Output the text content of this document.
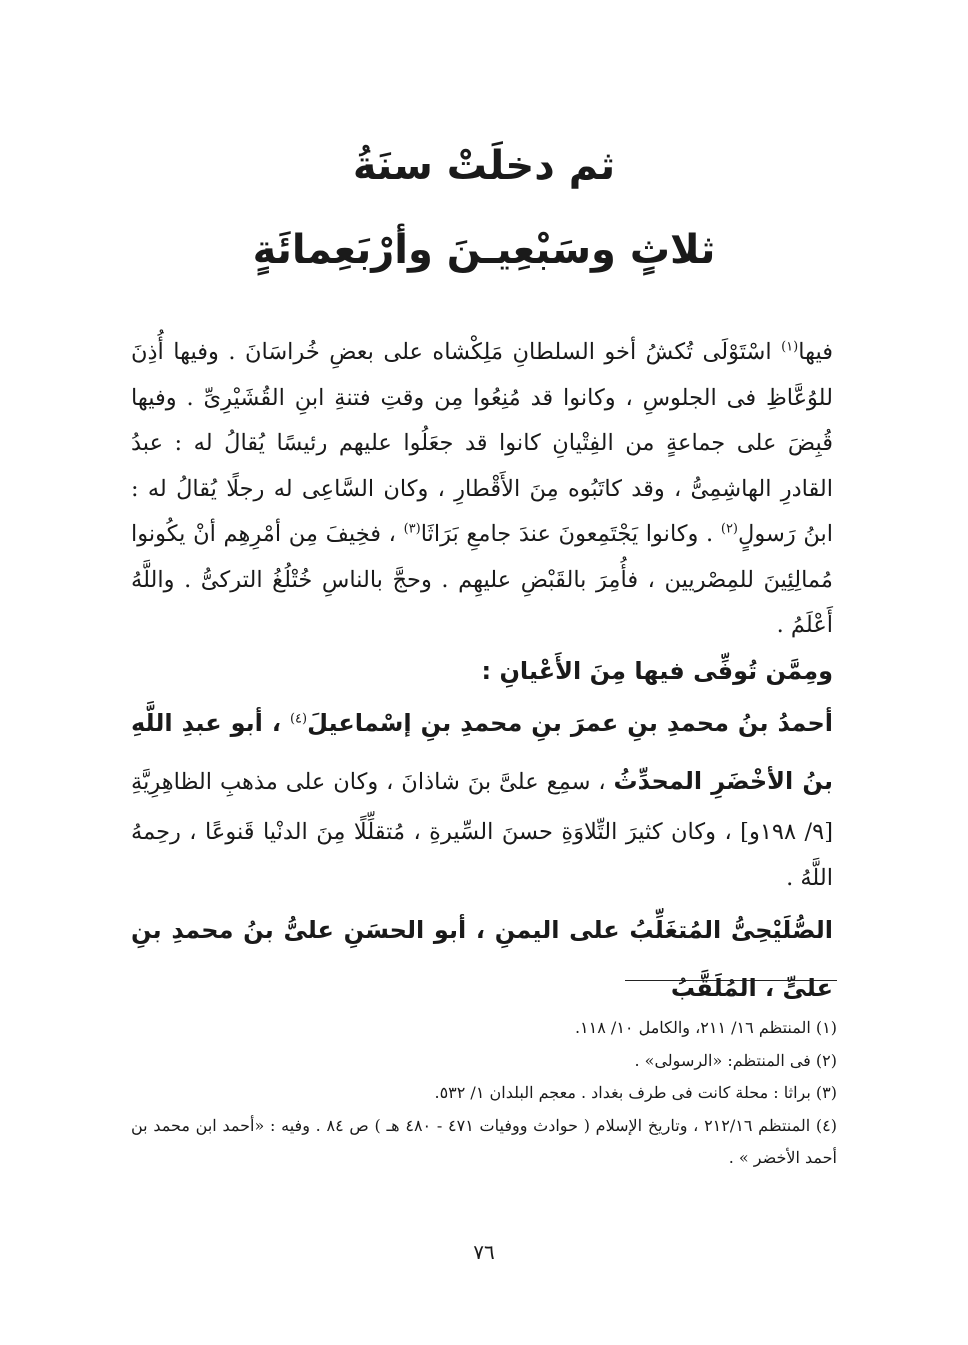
ثم دخلَتْ سنَةُ
ثلاثٍ وسَبْعِيـنَ وأرْبَعِمائَةٍ

فيها$^{(١)}$ اسْتَوْلَى تُكشُ أخو السلطانِ مَلِكْشاه على بعضِ خُراسَانَ . وفيها أُذِنَ للوُعَّاظِ فى الجلوسِ ، وكانوا قد مُنِعُوا مِن وقتِ فتنةِ ابنِ القُشَيْرِىِّ . وفيها قُبِضَ على جماعةٍ من الفِتْيانِ كانوا قد جعَلُوا عليهم رئيسًا يُقالُ له : عبدُ القادرِ الهاشِمِىُّ ، وقد كاتَبُوه مِنَ الأَقْطارِ ، وكان السَّاعِى له رجلًا يُقالُ له : ابنُ رَسولٍ$^{(٢)}$ . وكانوا يَجْتَمِعونَ عندَ جامعِ بَرَاثَا$^{(٣)}$ ، فخِيفَ مِن أمْرِهِم أنْ يكُونوا مُمالِئِينَ للمِصْريين ، فأُمِرَ بالقَبْضِ عليهِم . وحجَّ بالناسِ خُتْلُغُ التركىُّ . واللَّهُ أَعْلَمُ .

ومِمَّن تُوفِّى فيها مِنَ الأَعْيانِ :

أحمدُ بنُ محمدِ بنِ عمرَ بنِ محمدِ بنِ إسْماعيلَ$^{(٤)}$ ، أبو عبدِ اللَّهِ بنُ الأخْضَرِ المحدِّثُ ، سمِع علىَّ بنَ شاذانَ ، وكان على مذهبِ الظاهِرِيَّةِ [٩/ ١٩٨و] ، وكان كثيرَ التِّلاوَةِ حسنَ السِّيرةِ ، مُتقلِّلًا مِنَ الدنْيا قَنوعًا ، رحِمهُ اللَّهُ .

الصُّلَيْحِىُّ المُتغَلِّبُ على اليمنِ ، أبو الحسَنِ علىُّ بنُ محمدِ بنِ علىٍّ ، المُلَقَّبُ

(١) المنتظم ١٦/ ٢١١، والكامل ١٠/ ١١٨.

(٢) فى المنتظم: «الرسولى» .

(٣) براثا : محلة كانت فى طرف بغداد . معجم البلدان ١/ ٥٣٢.

(٤) المنتظم ٢١٢/١٦ ، وتاريخ الإسلام ( حوادث ووفيات ٤٧١ - ٤٨٠ هـ ) ص ٨٤ . وفيه : «أحمد ابن محمد بن أحمد الأخضر » .

٧٦
